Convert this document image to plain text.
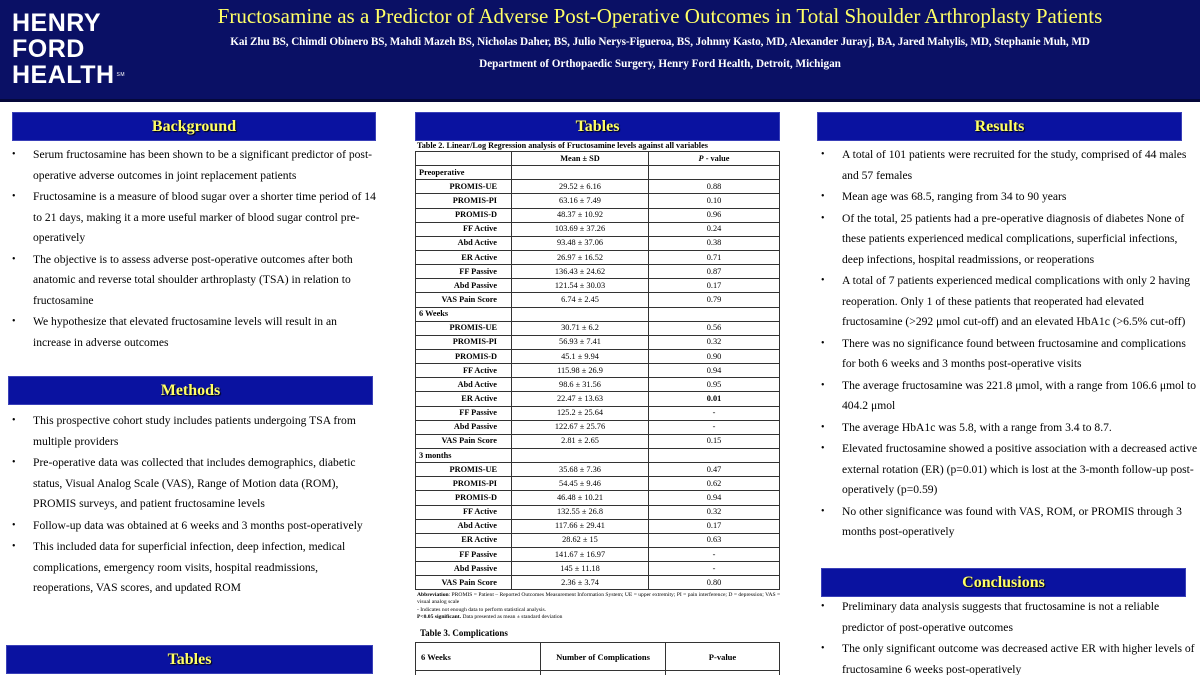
HENRY
FORD
HEALTH SM
Fructosamine as a Predictor of Adverse Post-Operative Outcomes in Total Shoulder Arthroplasty Patients
Kai Zhu BS, Chimdi Obinero BS, Mahdi Mazeh BS, Nicholas Daher, BS, Julio Nerys-Figueroa, BS, Johnny Kasto, MD, Alexander Jurayj, BA, Jared Mahylis, MD, Stephanie Muh, MD
Department of Orthopaedic Surgery, Henry Ford Health, Detroit, Michigan
Background
• Serum fructosamine has been shown to be a significant predictor of post-operative adverse outcomes in joint replacement patients
• Fructosamine is a measure of blood sugar over a shorter time period of 14 to 21 days, making it a more useful marker of blood sugar control pre-operatively
• The objective is to assess adverse post-operative outcomes after both anatomic and reverse total shoulder arthroplasty (TSA) in relation to fructosamine
• We hypothesize that elevated fructosamine levels will result in an increase in adverse outcomes
Methods
• This prospective cohort study includes patients undergoing TSA from multiple providers
• Pre-operative data was collected that includes demographics, diabetic status, Visual Analog Scale (VAS), Range of Motion data (ROM), PROMIS surveys, and patient fructosamine levels
• Follow-up data was obtained at 6 weeks and 3 months post-operatively
• This included data for superficial infection, deep infection, medical complications, emergency room visits, hospital readmissions, reoperations, VAS scores, and updated ROM
Tables
Tables
Table 2. Linear/Log Regression analysis of Fructosamine levels against all variables
	Mean ± SD	P - value
Preoperative		
PROMIS-UE	29.52 ± 6.16	0.88
PROMIS-PI	63.16 ± 7.49	0.10
PROMIS-D	48.37 ± 10.92	0.96
FF Active	103.69 ± 37.26	0.24
Abd Active	93.48 ± 37.06	0.38
ER Active	26.97 ± 16.52	0.71
FF Passive	136.43 ± 24.62	0.87
Abd Passive	121.54 ± 30.03	0.17
VAS Pain Score	6.74 ± 2.45	0.79
6 Weeks		
PROMIS-UE	30.71 ± 6.2	0.56
PROMIS-PI	56.93 ± 7.41	0.32
PROMIS-D	45.1 ± 9.94	0.90
FF Active	115.98 ± 26.9	0.94
Abd Active	98.6 ± 31.56	0.95
ER Active	22.47 ± 13.63	0.01
FF Passive	125.2 ± 25.64	-
Abd Passive	122.67 ± 25.76	-
VAS Pain Score	2.81 ± 2.65	0.15
3 months		
PROMIS-UE	35.68 ± 7.36	0.47
PROMIS-PI	54.45 ± 9.46	0.62
PROMIS-D	46.48 ± 10.21	0.94
FF Active	132.55 ± 26.8	0.32
Abd Active	117.66 ± 29.41	0.17
ER Active	28.62 ± 15	0.63
FF Passive	141.67 ± 16.97	-
Abd Passive	145 ± 11.18	-
VAS Pain Score	2.36 ± 3.74	0.80
Abbreviation: PROMIS = Patient – Reported Outcomes Measurement Information System; UE = upper extremity; PI = pain interference; D = depression; VAS = visual analog scale
- Indicates not enough data to perform statistical analysis.
P<0.05 significant. Data presented as mean ± standard deviation
Table 3. Complications
6 Weeks	Number of Complications	P-value

Results
• A total of 101 patients were recruited for the study, comprised of 44 males and 57 females
• Mean age was 68.5, ranging from 34 to 90 years
• Of the total, 25 patients had a pre-operative diagnosis of diabetes None of these patients experienced medical complications, superficial infections, deep infections, hospital readmissions, or reoperations
• A total of 7 patients experienced medical complications with only 2 having reoperation. Only 1 of these patients that reoperated had elevated fructosamine (>292 μmol cut-off) and an elevated HbA1c (>6.5% cut-off)
• There was no significance found between fructosamine and complications for both 6 weeks and 3 months post-operative visits
• The average fructosamine was 221.8 μmol, with a range from 106.6 μmol to 404.2 μmol
• The average HbA1c was 5.8, with a range from 3.4 to 8.7.
• Elevated fructosamine showed a positive association with a decreased active external rotation (ER) (p=0.01) which is lost at the 3-month follow-up post-operatively (p=0.59)
• No other significance was found with VAS, ROM, or PROMIS through 3 months post-operatively
Conclusions
• Preliminary data analysis suggests that fructosamine is not a reliable predictor of post-operative outcomes
• The only significant outcome was decreased active ER with higher levels of fructosamine 6 weeks post-operatively
